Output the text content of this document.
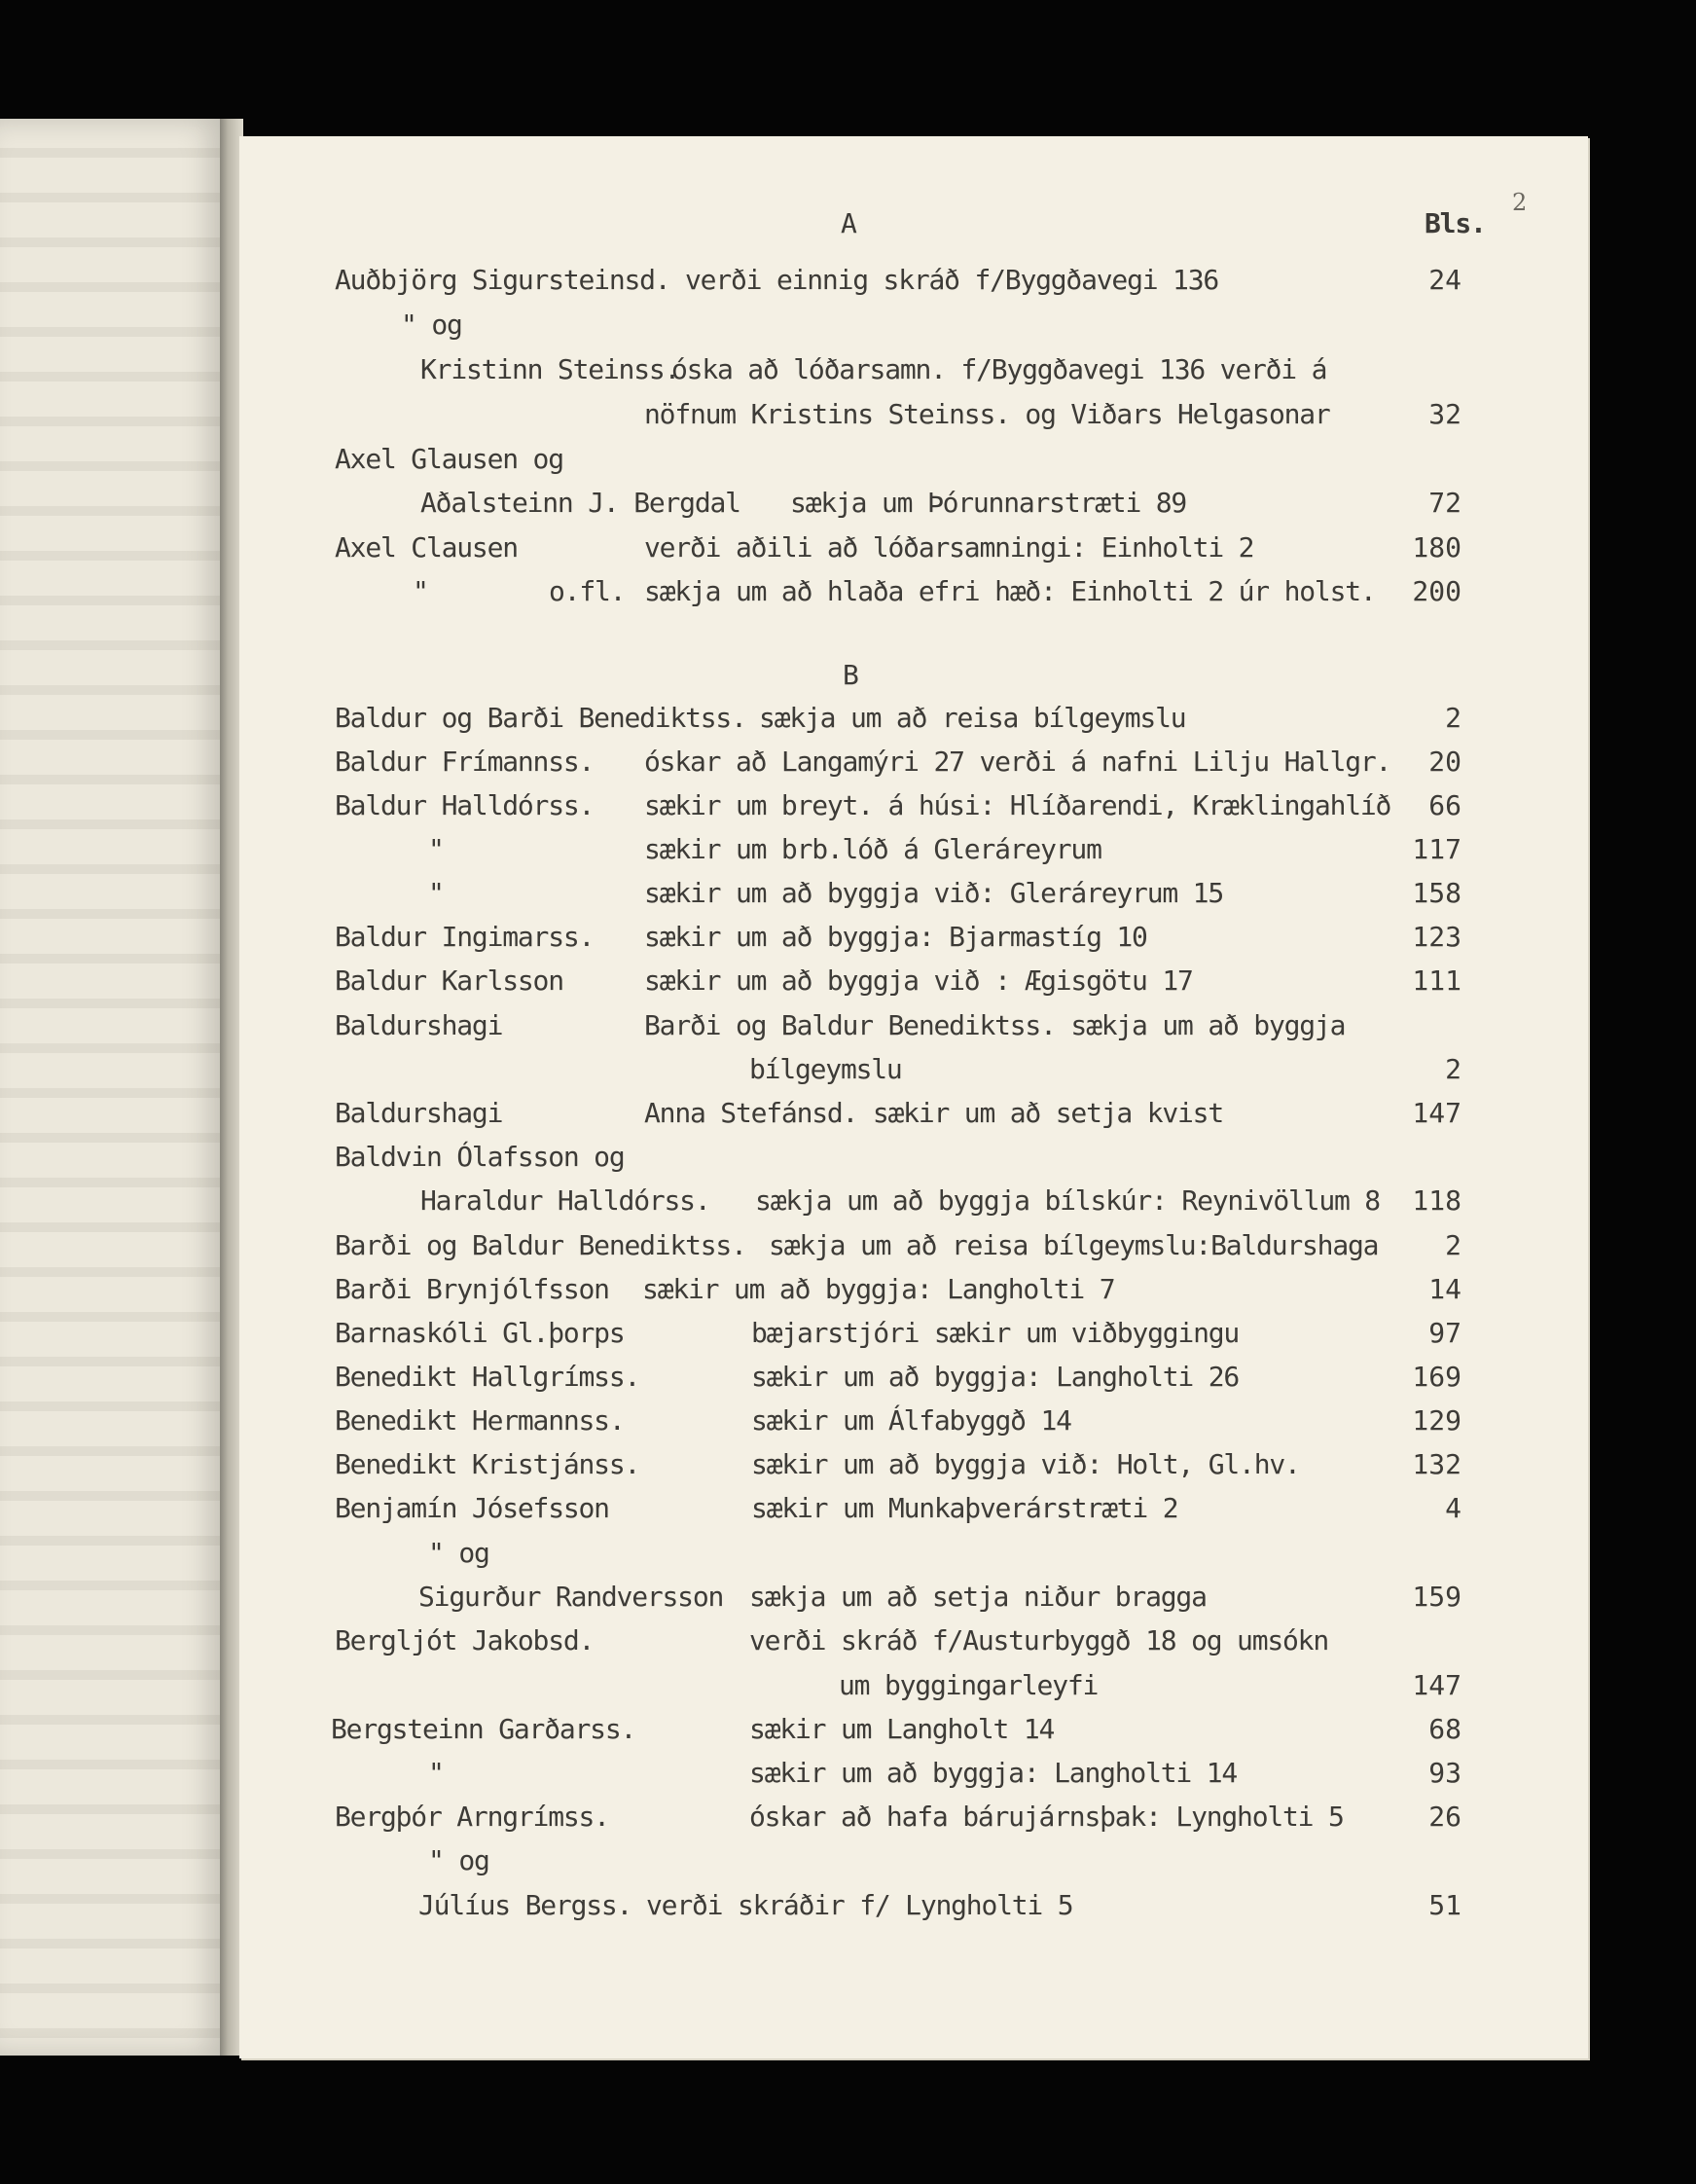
2
A	Bls.
Auðbjörg Sigursteinsd. verði einnig skráð f/Byggðavegi 136	24
" og
Kristinn Steinss.
óska að lóðarsamn. f/Byggðavegi 136 verði á
nöfnum Kristins Steinss. og Viðars Helgasonar	32
Axel Glausen og
Aðalsteinn J. Bergdal sækja um Þórunnarstræti 89	72
Axel Clausen	verði aðili að lóðarsamningi: Einholti 2	180
"	o.fl. sækja um að hlaða efri hæð: Einholti 2 úr holst.	200
B
Baldur og Barði Benediktss. sækja um að reisa bílgeymslu	2
Baldur Frímannss. óskar að Langamýri 27 verði á nafni Lilju Hallgr.	20
Baldur Halldórss. sækir um breyt. á húsi: Hlíðarendi, Kræklingahlíð	66
"	sækir um brb.lóð á Gleráreyrum	117
"	sækir um að byggja við: Gleráreyrum 15	158
Baldur Ingimarss. sækir um að byggja: Bjarmastíg 10	123
Baldur Karlsson	sækir um að byggja við : Ægisgötu 17	111
Baldurshagi	Barði og Baldur Benediktss. sækja um að byggja
bílgeymslu	2
Baldurshagi	Anna Stefánsd. sækir um að setja kvist	147
Baldvin Ólafsson og
Haraldur Halldórss. sækja um að byggja bílskúr: Reynivöllum 8	118
Barði og Baldur Benediktss. sækja um að reisa bílgeymslu:Baldurshaga	2
Barði Brynjólfsson sækir um að byggja: Langholti 7	14
Barnaskóli Gl.þorps	bæjarstjóri sækir um viðbyggingu	97
Benedikt Hallgrímss.	sækir um að byggja: Langholti 26	169
Benedikt Hermannss.	sækir um Álfabyggð 14	129
Benedikt Kristjánss.	sækir um að byggja við: Holt, Gl.hv.	132
Benjamín Jósefsson	sækir um Munkaþverárstræti 2	4
" og
Sigurður Randversson sækja um að setja niður bragga	159
Bergljót Jakobsd.	verði skráð f/Austurbyggð 18 og umsókn
um byggingarleyfi	147
Bergsteinn Garðarss.	sækir um Langholt 14	68
"	sækir um að byggja: Langholti 14	93
Bergþór Arngrímss.	óskar að hafa bárujárnsþak: Lyngholti 5	26
" og
Júlíus Bergss. verði skráðir f/ Lyngholti 5	51
